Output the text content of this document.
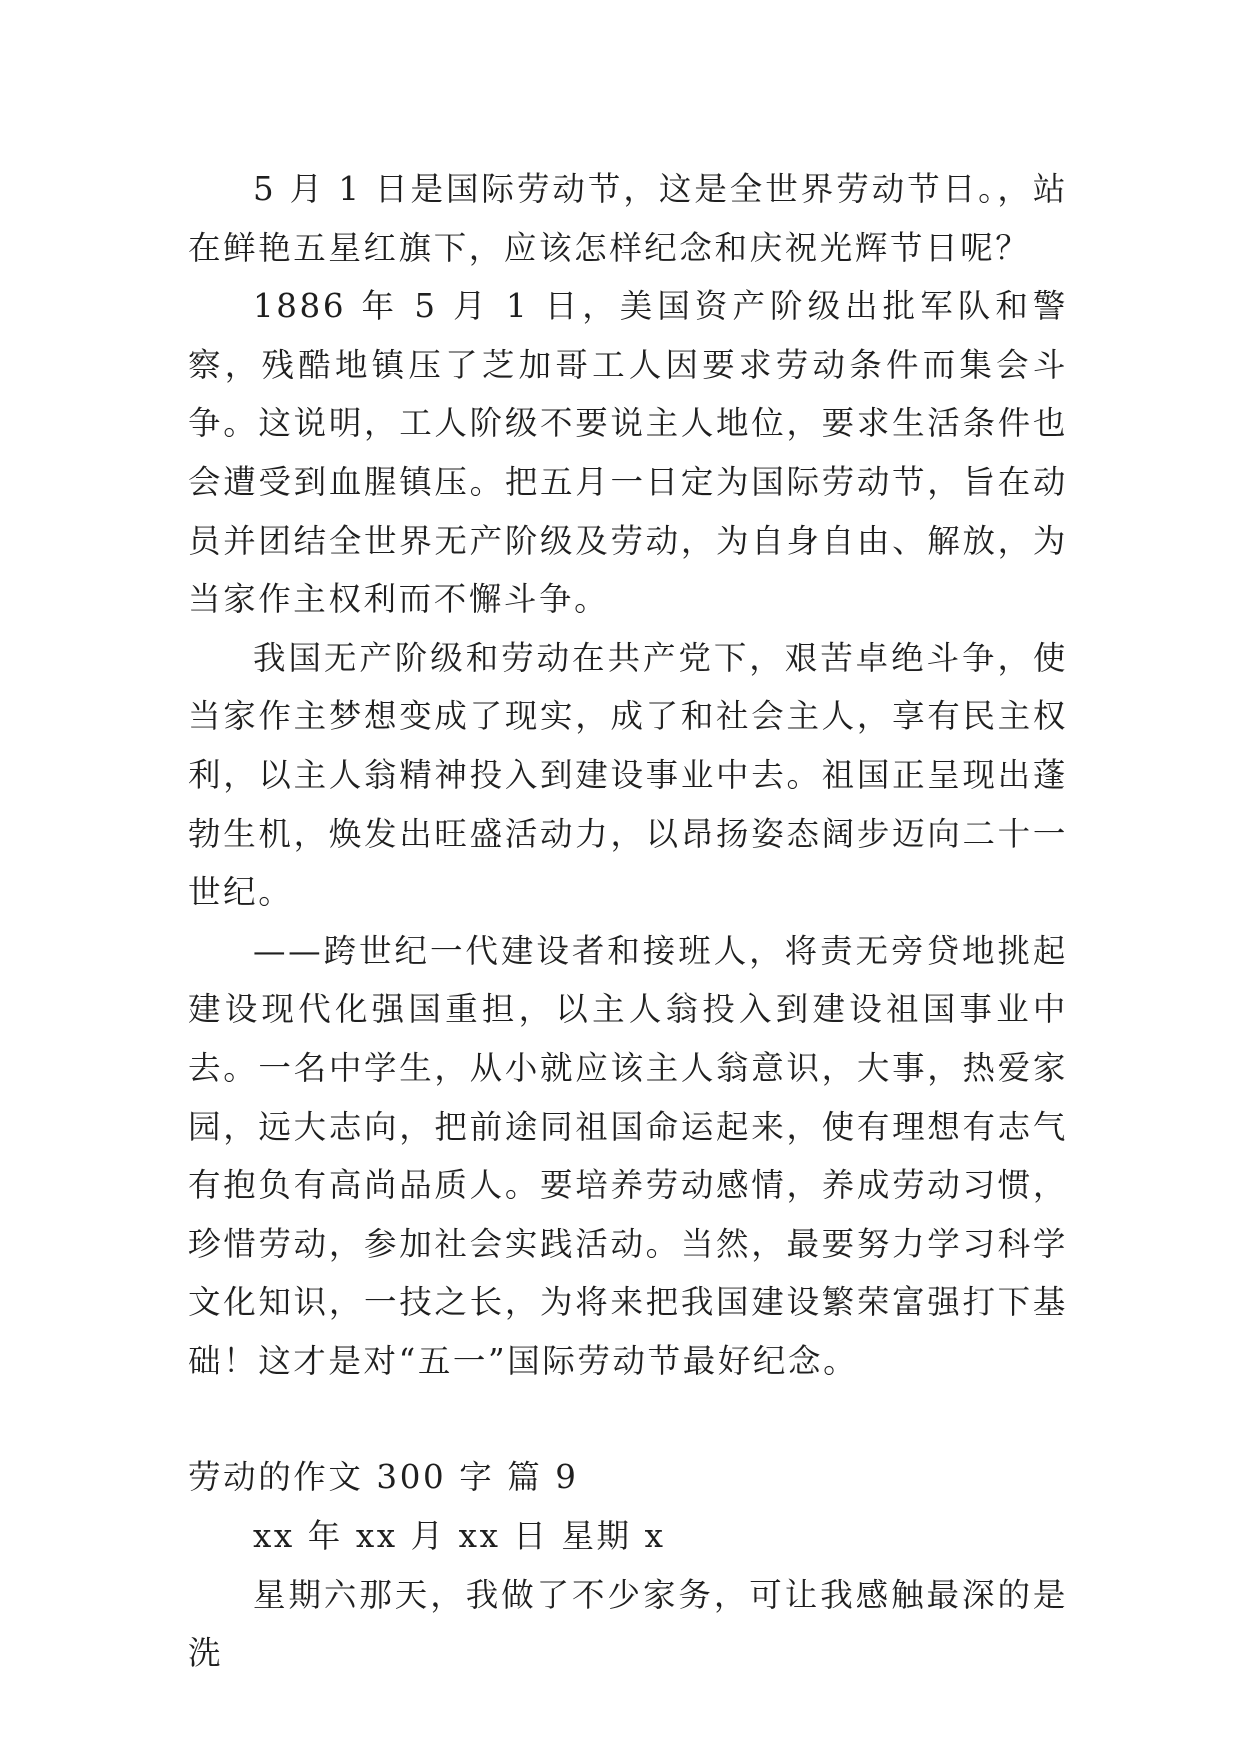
5 月 1 日是国际劳动节，这是全世界劳动节日。，站在鲜艳五星红旗下，应该怎样纪念和庆祝光辉节日呢？

1886 年 5 月 1 日，美国资产阶级出批军队和警察，残酷地镇压了芝加哥工人因要求劳动条件而集会斗争。这说明，工人阶级不要说主人地位，要求生活条件也会遭受到血腥镇压。把五月一日定为国际劳动节，旨在动员并团结全世界无产阶级及劳动，为自身自由、解放，为当家作主权利而不懈斗争。

我国无产阶级和劳动在共产党下，艰苦卓绝斗争，使当家作主梦想变成了现实，成了和社会主人，享有民主权利，以主人翁精神投入到建设事业中去。祖国正呈现出蓬勃生机，焕发出旺盛活动力，以昂扬姿态阔步迈向二十一世纪。

——跨世纪一代建设者和接班人，将责无旁贷地挑起建设现代化强国重担，以主人翁投入到建设祖国事业中去。一名中学生，从小就应该主人翁意识，大事，热爱家园，远大志向，把前途同祖国命运起来，使有理想有志气有抱负有高尚品质人。要培养劳动感情，养成劳动习惯，珍惜劳动，参加社会实践活动。当然，最要努力学习科学文化知识，一技之长，为将来把我国建设繁荣富强打下基础！这才是对“五一”国际劳动节最好纪念。

劳动的作文 300 字 篇 9

xx 年 xx 月 xx 日 星期 x

星期六那天，我做了不少家务，可让我感触最深的是洗
